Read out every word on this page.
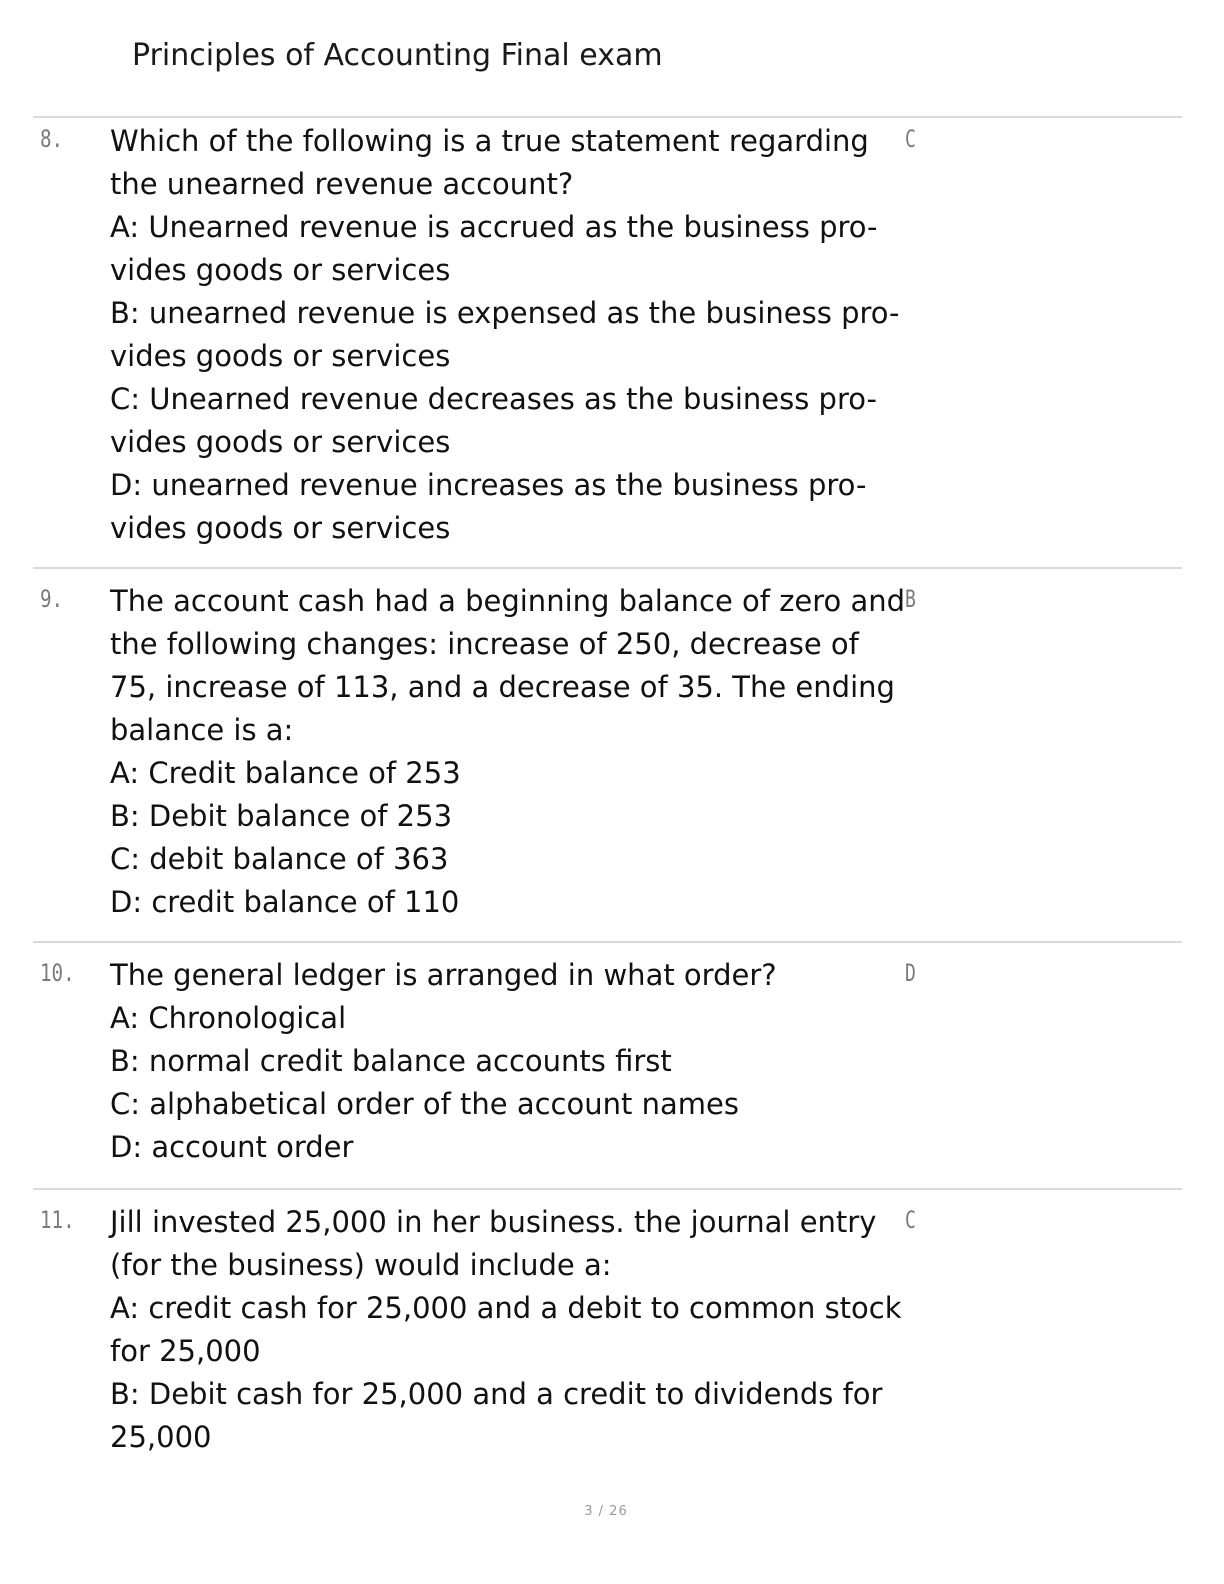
Principles of Accounting Final exam
8. Which of the following is a true statement regarding

the unearned revenue account?

A: Unearned revenue is accrued as the business pro-

vides goods or services

B: unearned revenue is expensed as the business pro-

vides goods or services

C: Unearned revenue decreases as the business pro-

vides goods or services

D: unearned revenue increases as the business pro-

vides goods or services

C
9. The account cash had a beginning balance of zero and

the following changes: increase of 250, decrease of

75, increase of 113, and a decrease of 35. The ending

balance is a:

A: Credit balance of 253

B: Debit balance of 253

C: debit balance of 363

D: credit balance of 110

B
10. The general ledger is arranged in what order?

A: Chronological

B: normal credit balance accounts first

C: alphabetical order of the account names

D: account order

D
11. Jill invested 25,000 in her business. the journal entry

(for the business) would include a:

A: credit cash for 25,000 and a debit to common stock

for 25,000

B: Debit cash for 25,000 and a credit to dividends for

25,000

C
3 / 26
